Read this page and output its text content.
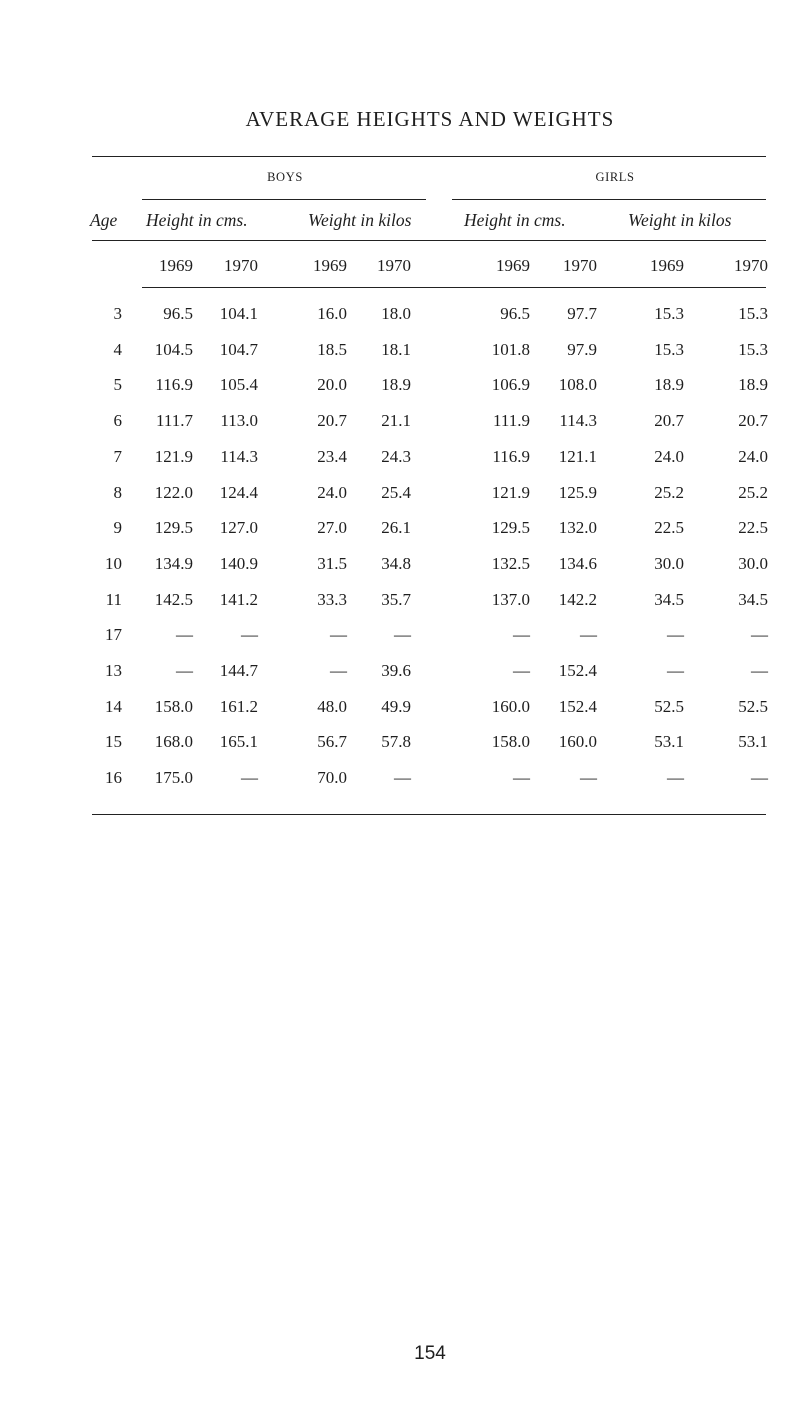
AVERAGE HEIGHTS AND WEIGHTS
BOYS	GIRLS
Age Height in cms.	Weight in kilos	Height in cms.	Weight in kilos
1969	1970	1969	1970	1969	1970	1969	1970
3	96.5	104.1	16.0	18.0	96.5	97.7	15.3	15.3
4	104.5	104.7	18.5	18.1	101.8	97.9	15.3	15.3
5	116.9	105.4	20.0	18.9	106.9	108.0	18.9	18.9
6	111.7	113.0	20.7	21.1	111.9	114.3	20.7	20.7
7	121.9	114.3	23.4	24.3	116.9	121.1	24.0	24.0
8	122.0	124.4	24.0	25.4	121.9	125.9	25.2	25.2
9	129.5	127.0	27.0	26.1	129.5	132.0	22.5	22.5
10	134.9	140.9	31.5	34.8	132.5	134.6	30.0	30.0
11	142.5	141.2	33.3	35.7	137.0	142.2	34.5	34.5
17	—	—	—	—	—	—	—	—
13	—	144.7	—	39.6	—	152.4	—	—
14	158.0	161.2	48.0	49.9	160.0	152.4	52.5	52.5
15	168.0	165.1	56.7	57.8	158.0	160.0	53.1	53.1
16	175.0	—	70.0	—	—	—	—	—
154
